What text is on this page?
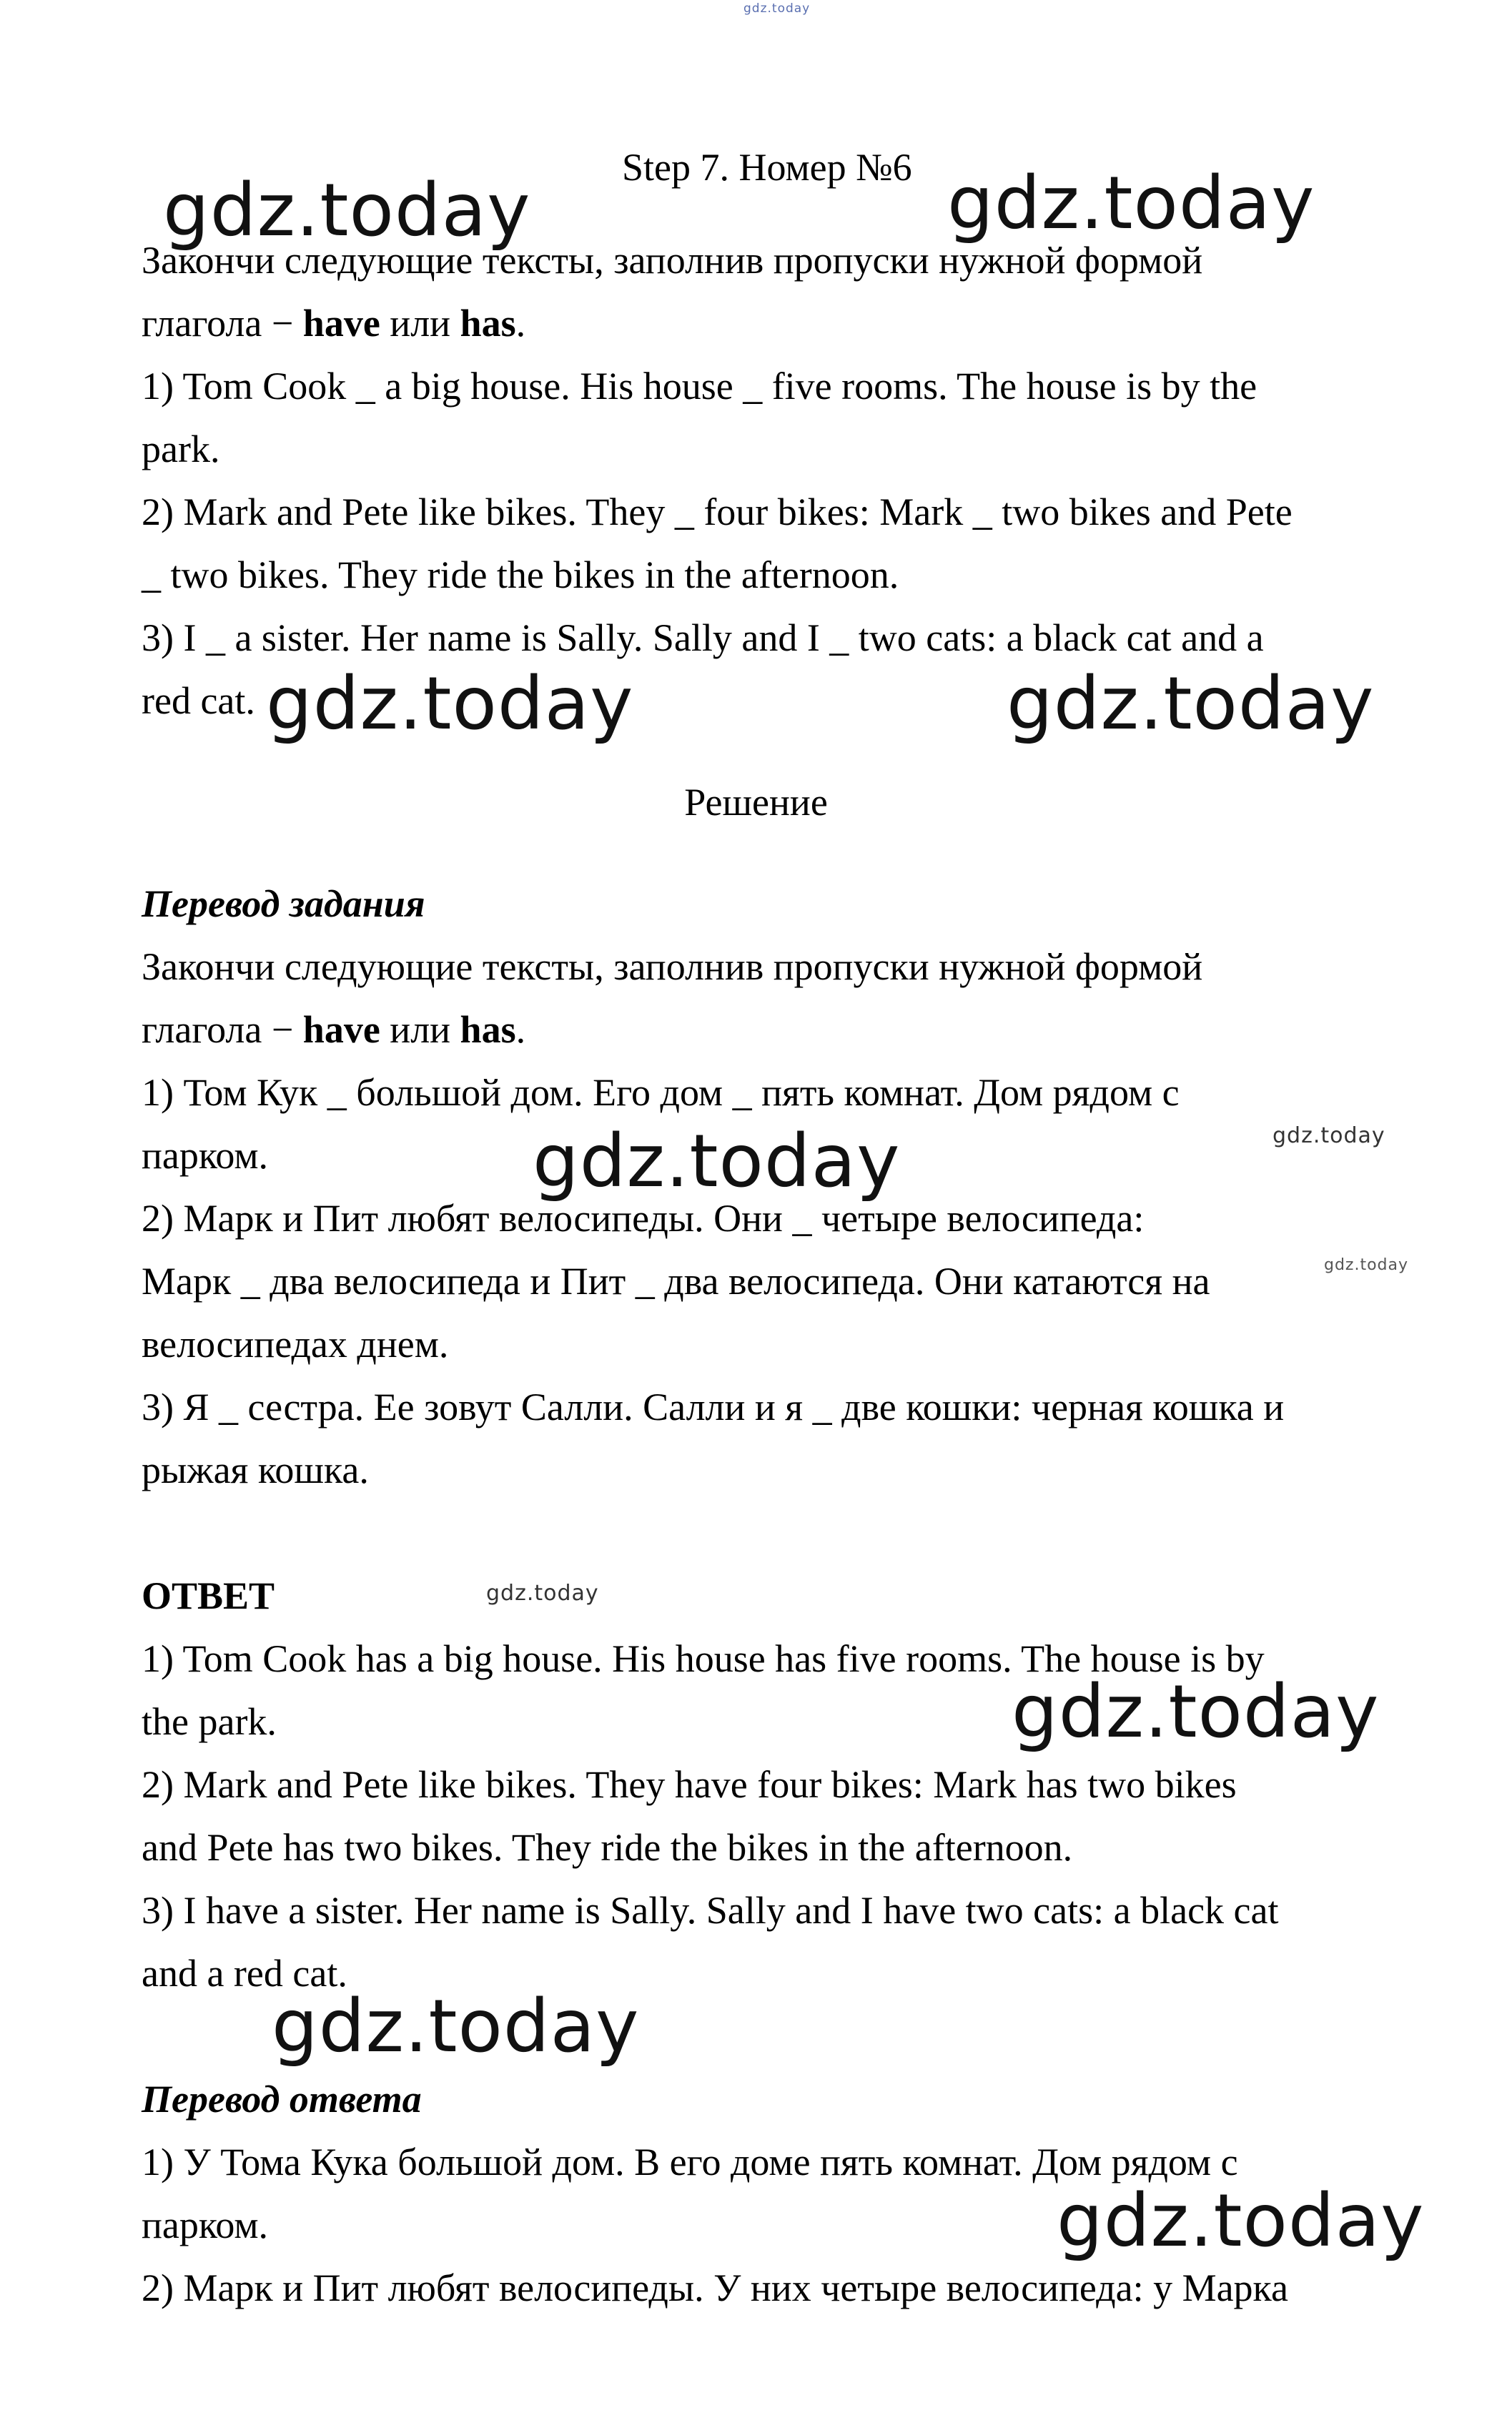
gdz.today
gdz.today	gdz.today
gdz.today	gdz.today
gdz.today	gdz.today
gdz.today
gdz.today
gdz.today
gdz.today
gdz.today
Step 7. Номер №6
Закончи следующие тексты, заполнив пропуски нужной формой
глагола − have или has.
1) Tom Cook _ a big house. His house _ five rooms. The house is by the
park.
2) Mark and Pete like bikes. They _ four bikes: Mark _ two bikes and Pete
_ two bikes. They ride the bikes in the afternoon.
3) I _ a sister. Her name is Sally. Sally and I _ two cats: a black cat and a
red cat.
Решение
Перевод задания
Закончи следующие тексты, заполнив пропуски нужной формой
глагола − have или has.
1) Том Кук _ большой дом. Его дом _ пять комнат. Дом рядом с
парком.
2) Марк и Пит любят велосипеды. Они _ четыре велосипеда:
Марк _ два велосипеда и Пит _ два велосипеда. Они катаются на
велосипедах днем.
3) Я _ сестра. Ее зовут Салли. Салли и я _ две кошки: черная кошка и
рыжая кошка.
ОТВЕТ
1) Tom Cook has a big house. His house has five rooms. The house is by
the park.
2) Mark and Pete like bikes. They have four bikes: Mark has two bikes
and Pete has two bikes. They ride the bikes in the afternoon.
3) I have a sister. Her name is Sally. Sally and I have two cats: a black cat
and a red cat.
Перевод ответа
1) У Тома Кука большой дом. В его доме пять комнат. Дом рядом с
парком.
2) Марк и Пит любят велосипеды. У них четыре велосипеда: у Марка
